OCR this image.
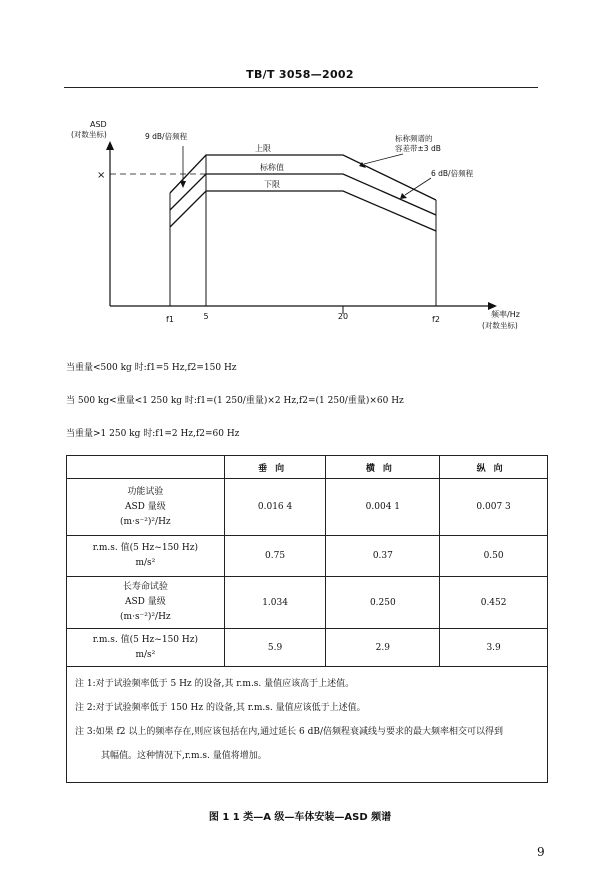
TB/T 3058—2002
ASD
(对数坐标)
×
上限
标称值
下限
9 dB/倍频程	标称频谱的
容差带±3 dB
6 dB/倍频程
f1	5	20	f2
频率/Hz
(对数坐标)
当重量<500 kg 时:f1=5 Hz,f2=150 Hz
当 500 kg<重量<1 250 kg 时:f1=(1 250/重量)×2 Hz,f2=(1 250/重量)×60 Hz
当重量>1 250 kg 时:f1=2 Hz,f2=60 Hz
	垂向	横向	纵向

功能试验
ASD 量级
(m·s⁻²)²/Hz	0.016 4	0.004 1	0.007 3

r.m.s. 值(5 Hz~150 Hz)
m/s²	0.75	0.37	0.50

长寿命试验
ASD 量级
(m·s⁻²)²/Hz	1.034	0.250	0.452

r.m.s. 值(5 Hz~150 Hz)
m/s²	5.9	2.9	3.9

注 1:对于试验频率低于 5 Hz 的设备,其 r.m.s. 量值应该高于上述值。
注 2:对于试验频率低于 150 Hz 的设备,其 r.m.s. 量值应该低于上述值。
注 3:如果 f2 以上的频率存在,则应该包括在内,通过延长 6 dB/倍频程衰减线与要求的最大频率相交可以得到
其幅值。这种情况下,r.m.s. 量值将增加。			
图 1 1 类—A 级—车体安装—ASD 频谱
9
